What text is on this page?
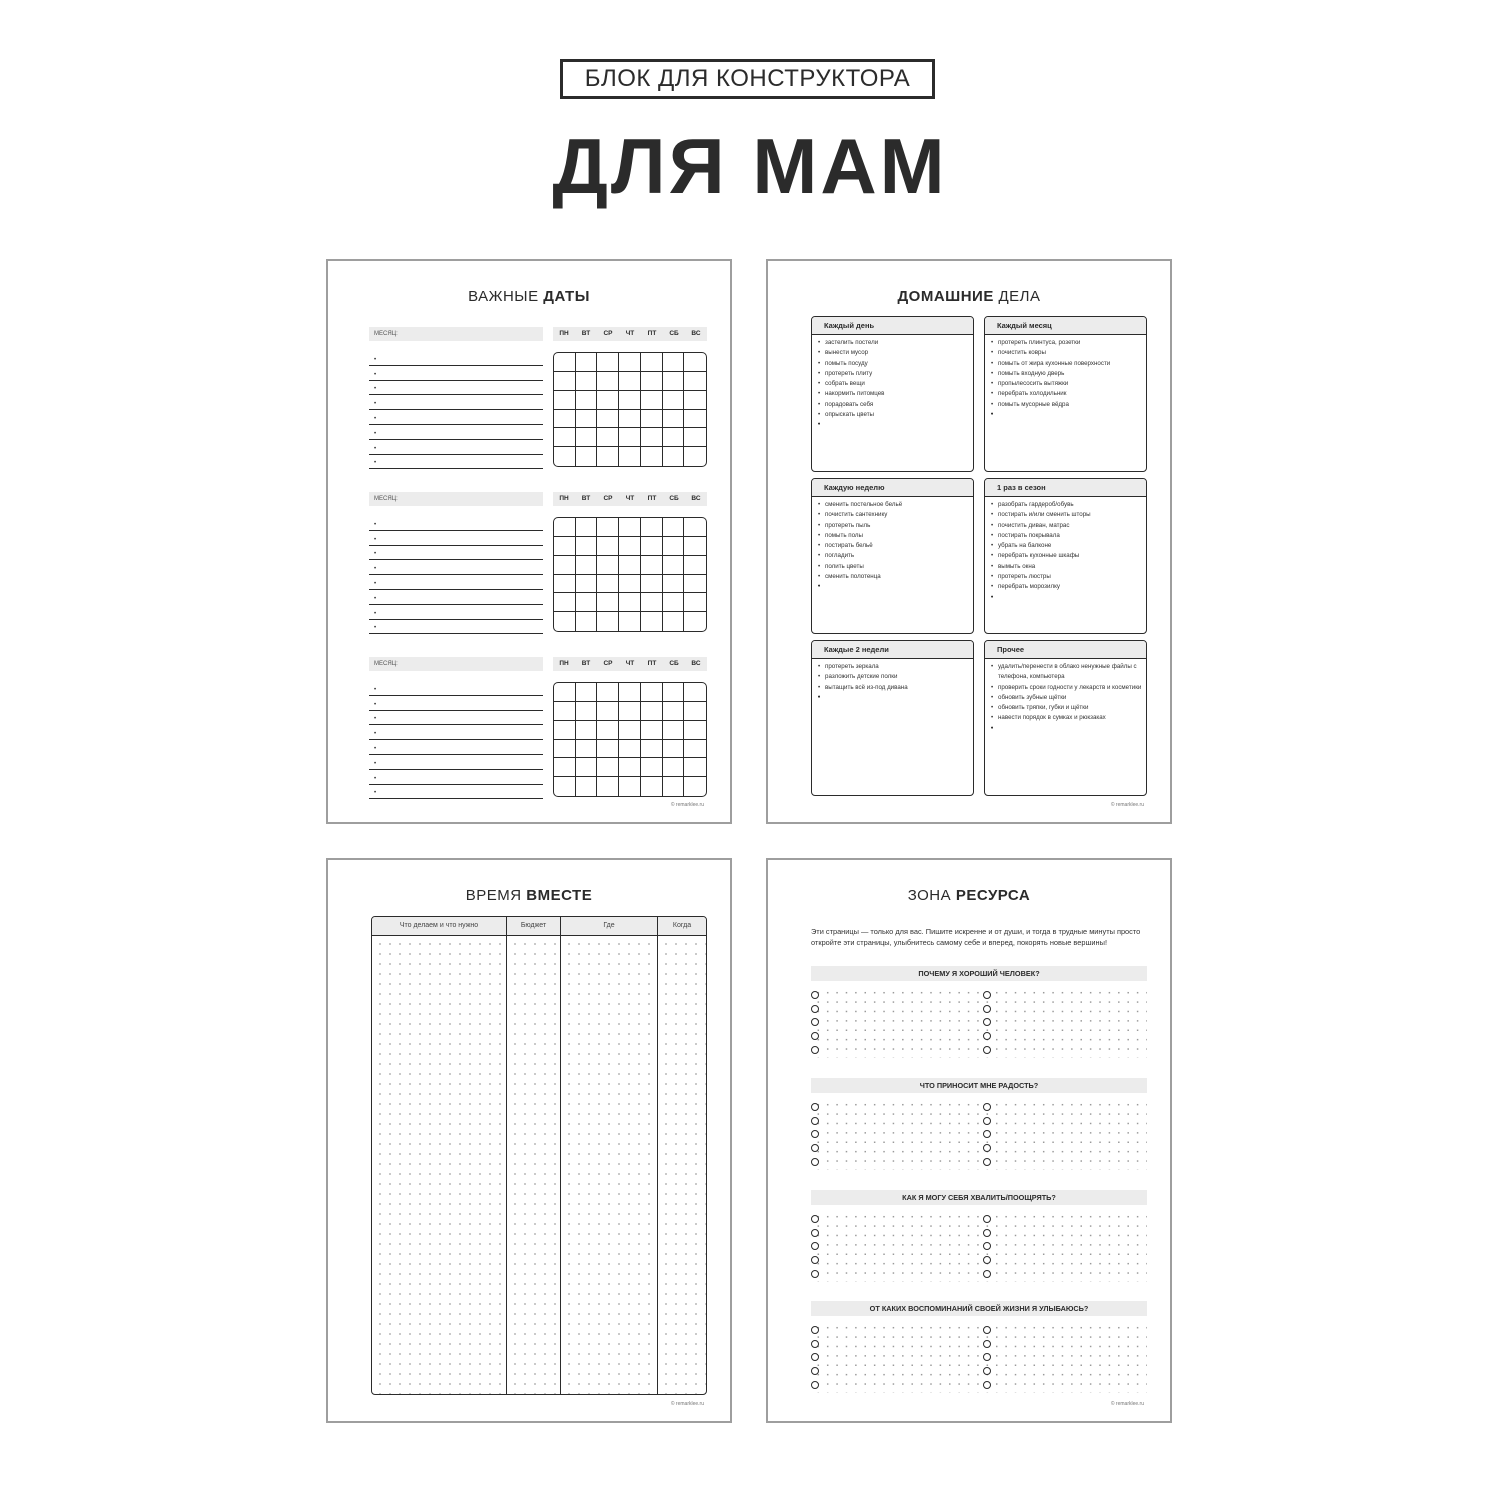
БЛОК ДЛЯ КОНСТРУКТОРА
ДЛЯ МАМ
ВАЖНЫЕ ДАТЫ
МЕСЯЦ:
•
•
•
•
•
•
•
•
ПН	ВТ	СР	ЧТ	ПТ	СБ	ВС
МЕСЯЦ:
•
•
•
•
•
•
•
•
ПН	ВТ	СР	ЧТ	ПТ	СБ	ВС
МЕСЯЦ:
•
•
•
•
•
•
•
•
ПН	ВТ	СР	ЧТ	ПТ	СБ	ВС
© remarklee.ru
ДОМАШНИЕ ДЕЛА
Каждый день
• застелить постели
• вынести мусор
• помыть посуду
• протереть плиту
• собрать вещи
• накормить питомцев
• порадовать себя
• опрыскать цветы
Каждый месяц
• протереть плинтуса, розетки
• почистить ковры
• помыть от жира кухонные поверхности
• помыть входную дверь
• пропылесосить вытяжки
• перебрать холодильник
• помыть мусорные вёдра
Каждую неделю
• сменить постельное бельё
• почистить сантехнику
• протереть пыль
• помыть полы
• постирать бельё
• погладить
• полить цветы
• сменить полотенца
1 раз в сезон
• разобрать гардероб/обувь
• постирать и/или сменить шторы
• почистить диван, матрас
• постирать покрывала
• убрать на балконе
• перебрать кухонные шкафы
• вымыть окна
• протереть люстры
• перебрать морозилку
Каждые 2 недели
• протереть зеркала
• разложить детские полки
• вытащить всё из-под дивана
Прочее
• удалить/перенести в облако ненужные файлы с телефона, компьютера
• проверить сроки годности у лекарств и косметики
• обновить зубные щётки
• обновить тряпки, губки и щётки
• навести порядок в сумках и рюкзаках
© remarklee.ru
ВРЕМЯ ВМЕСТЕ
Что делаем и что нужно	Бюджет	Где	Когда
© remarklee.ru
ЗОНА РЕСУРСА
Эти страницы — только для вас. Пишите искренне и от души, и тогда в трудные минуты просто откройте эти страницы, улыбнитесь самому себе и вперед, покорять новые вершины!
ПОЧЕМУ Я ХОРОШИЙ ЧЕЛОВЕК?
ЧТО ПРИНОСИТ МНЕ РАДОСТЬ?
КАК Я МОГУ СЕБЯ ХВАЛИТЬ/ПООЩРЯТЬ?
ОТ КАКИХ ВОСПОМИНАНИЙ СВОЕЙ ЖИЗНИ Я УЛЫБАЮСЬ?
© remarklee.ru
